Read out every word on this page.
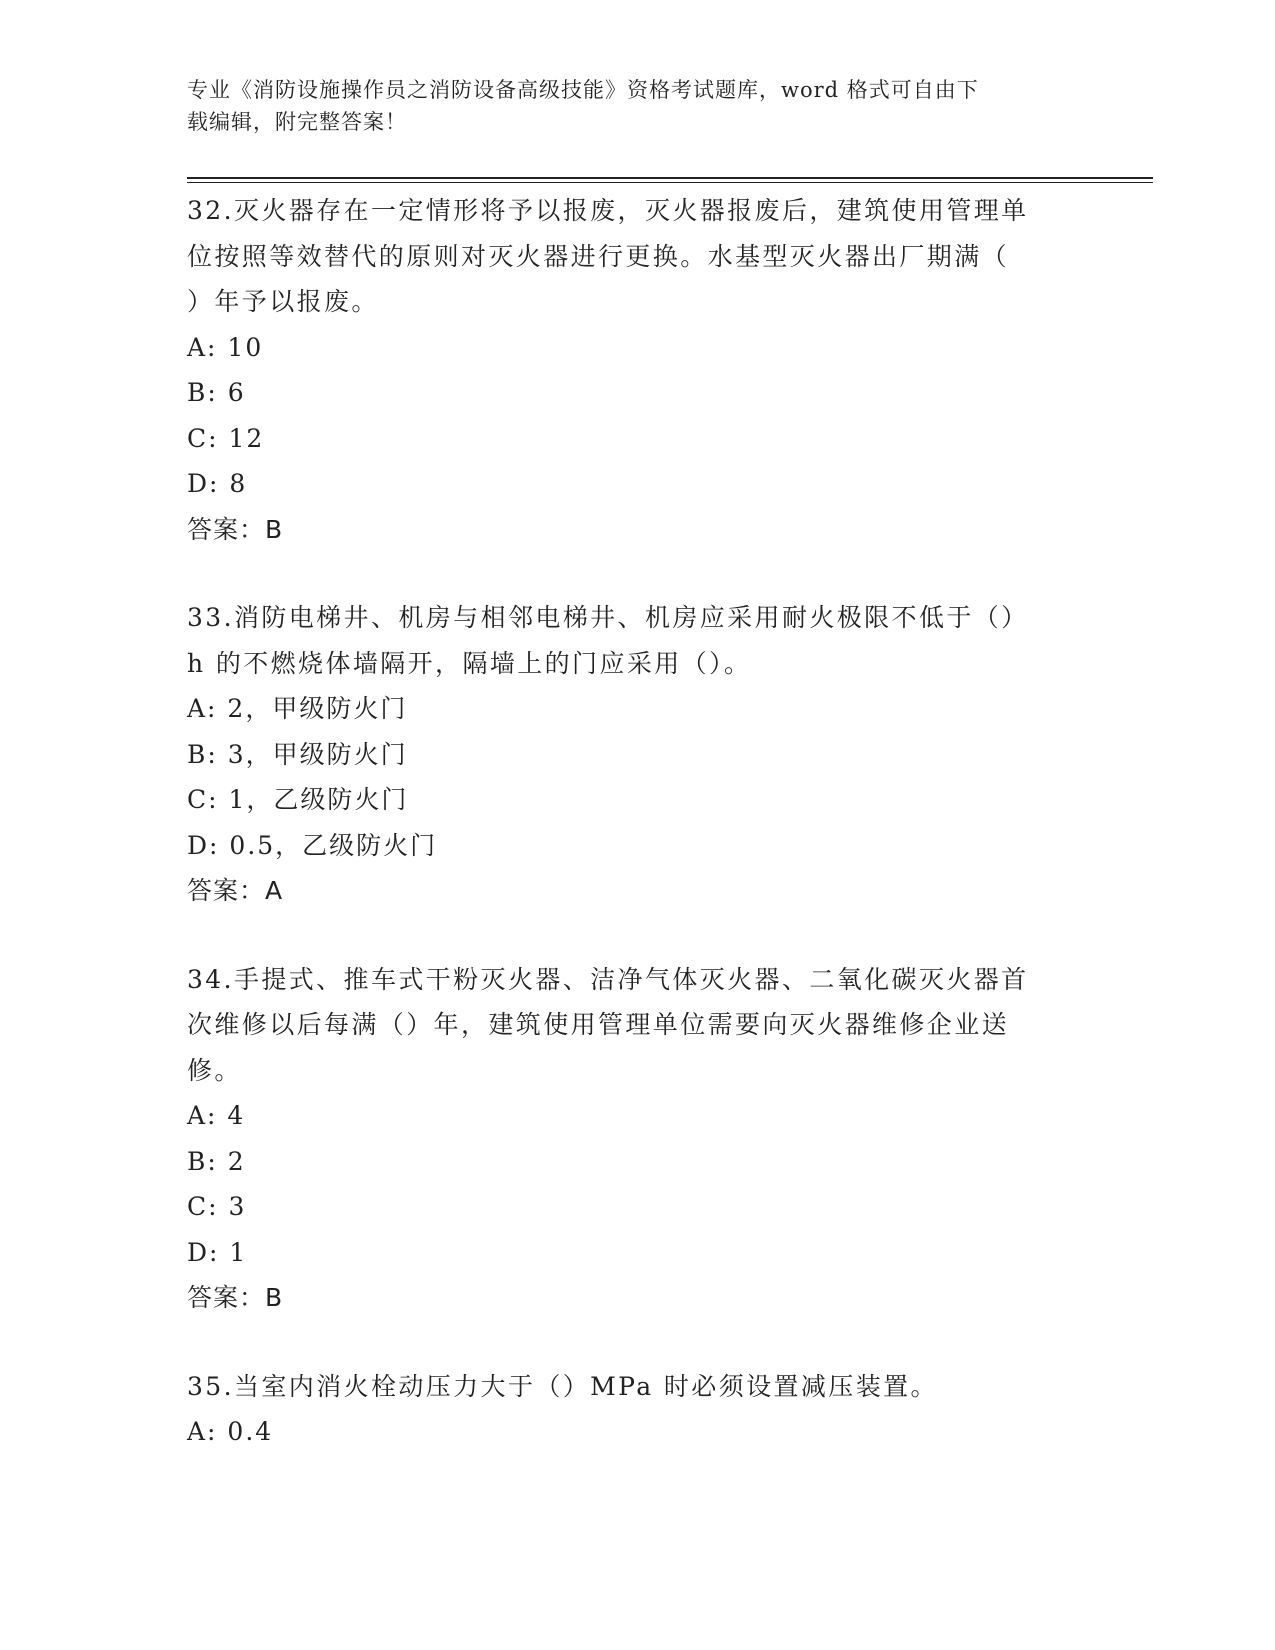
专业《消防设施操作员之消防设备高级技能》资格考试题库，word 格式可自由下
载编辑，附完整答案！
32.灭火器存在一定情形将予以报废，灭火器报废后，建筑使用管理单
位按照等效替代的原则对灭火器进行更换。水基型灭火器出厂期满（
）年予以报废。
A: 10
B: 6
C: 12
D: 8
答案：B
33.消防电梯井、机房与相邻电梯井、机房应采用耐火极限不低于（）
h 的不燃烧体墙隔开，隔墙上的门应采用（）。
A: 2，甲级防火门
B: 3，甲级防火门
C: 1，乙级防火门
D: 0.5，乙级防火门
答案：A
34.手提式、推车式干粉灭火器、洁净气体灭火器、二氧化碳灭火器首
次维修以后每满（）年，建筑使用管理单位需要向灭火器维修企业送
修。
A: 4
B: 2
C: 3
D: 1
答案：B
35.当室内消火栓动压力大于（）MPa 时必须设置减压装置。
A: 0.4
